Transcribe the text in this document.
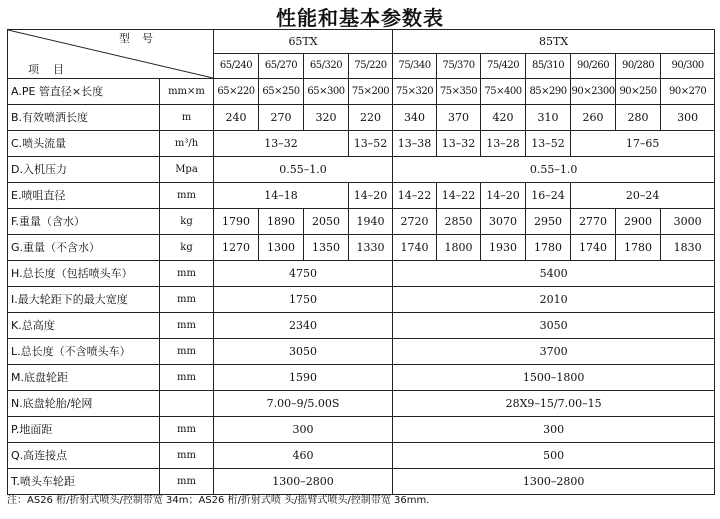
性能和基本参数表
型号
项目		65TX				85TX						
		65/240	65/270	65/320	75/220	75/340	75/370	75/420	85/310	90/260	90/280	90/300
A.PE 管直径×长度	mm×m	65×220	65×250	65×300	75×200	75×320	75×350	75×400	85×290	90×2300	90×250	90×270
B.有效喷洒长度	m	240	270	320	220	340	370	420	310	260	280	300
C.喷头流量	m³/h	13–32			13–52	13–38	13–32	13–28	13–52	17–65		
D.入机压力	Mpa	0.55–1.0				0.55–1.0						
E.喷咀直径	mm	14–18			14–20	14–22	14–22	14–20	16–24	20–24		
F.重量（含水）	kg	1790	1890	2050	1940	2720	2850	3070	2950	2770	2900	3000
G.重量（不含水）	kg	1270	1300	1350	1330	1740	1800	1930	1780	1740	1780	1830
H.总长度（包括喷头车）	mm	4750				5400						
I.最大轮距下的最大宽度	mm	1750				2010						
K.总高度	mm	2340				3050						
L.总长度（不含喷头车）	mm	3050				3700						
M.底盘轮距	mm	1590				1500–1800						
N.底盘轮胎/轮网		7.00–9/5.00S				28X9–15/7.00–15						
P.地面距	mm	300				300						
Q.高连接点	mm	460				500						
T.喷头车轮距	mm	1300–2800				1300–2800						
注：AS26 桁/折射式喷头/控制带宽 34m；AS26 桁/折射式喷 头/摇臂式喷头/控制带宽 36mm.
